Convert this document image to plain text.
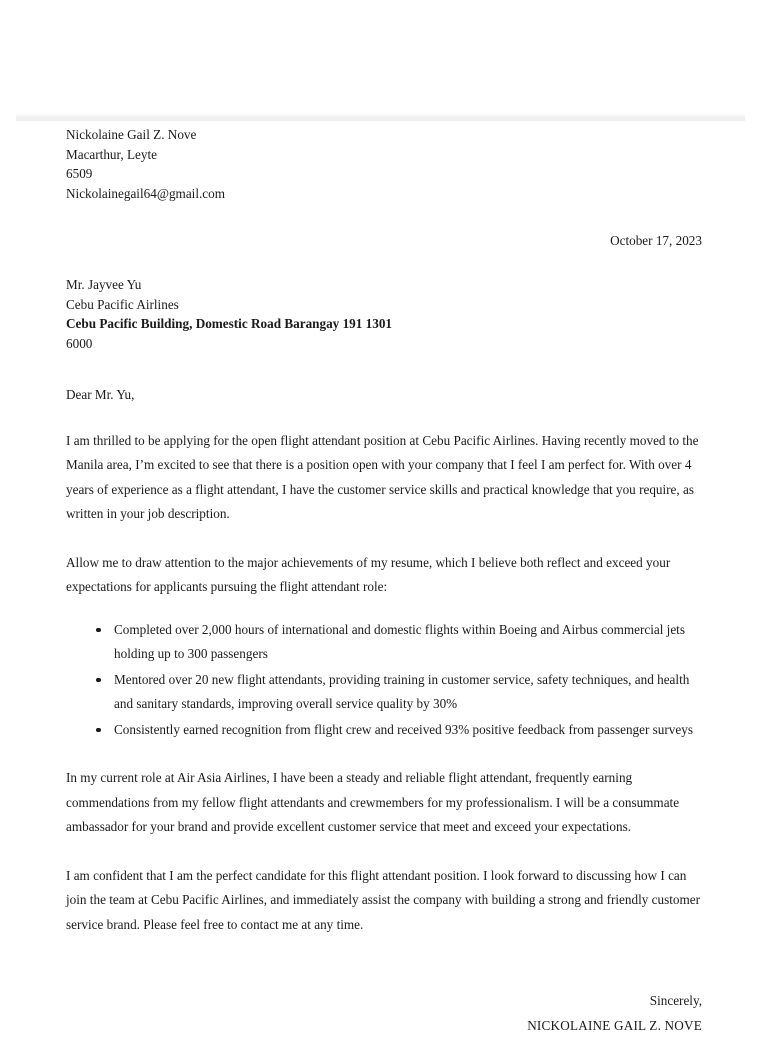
Nickolaine Gail Z. Nove
Macarthur, Leyte
6509
Nickolainegail64@gmail.com
October 17, 2023
Mr. Jayvee Yu
Cebu Pacific Airlines
Cebu Pacific Building, Domestic Road Barangay 191 1301
6000
Dear Mr. Yu,

I am thrilled to be applying for the open flight attendant position at Cebu Pacific Airlines. Having recently moved to the Manila area, I’m excited to see that there is a position open with your company that I feel I am perfect for. With over 4 years of experience as a flight attendant, I have the customer service skills and practical knowledge that you require, as written in your job description.

Allow me to draw attention to the major achievements of my resume, which I believe both reflect and exceed your expectations for applicants pursuing the flight attendant role:

Completed over 2,000 hours of international and domestic flights within Boeing and Airbus commercial jets holding up to 300 passengers
Mentored over 20 new flight attendants, providing training in customer service, safety techniques, and health and sanitary standards, improving overall service quality by 30%
Consistently earned recognition from flight crew and received 93% positive feedback from passenger surveys

In my current role at Air Asia Airlines, I have been a steady and reliable flight attendant, frequently earning commendations from my fellow flight attendants and crewmembers for my professionalism. I will be a consummate ambassador for your brand and provide excellent customer service that meet and exceed your expectations.

I am confident that I am the perfect candidate for this flight attendant position. I look forward to discussing how I can join the team at Cebu Pacific Airlines, and immediately assist the company with building a strong and friendly customer service brand. Please feel free to contact me at any time.

Sincerely,
NICKOLAINE GAIL Z. NOVE
